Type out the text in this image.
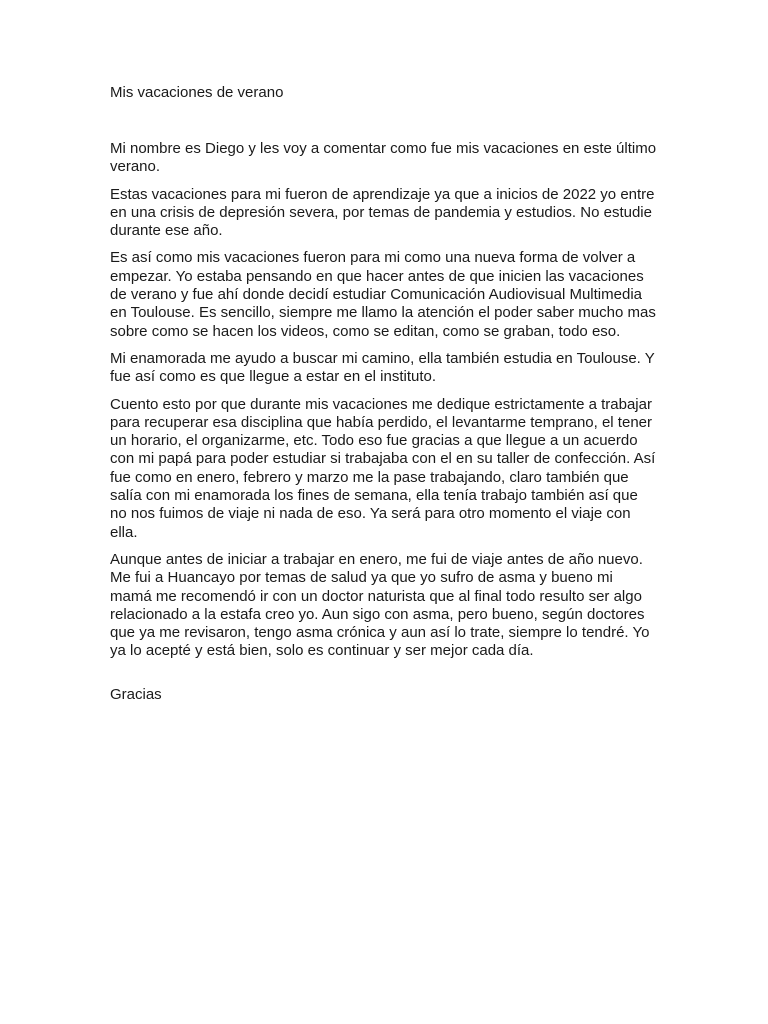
Mis vacaciones de verano

Mi nombre es Diego y les voy a comentar como fue mis vacaciones en este último verano.

Estas vacaciones para mi fueron de aprendizaje ya que a inicios de 2022 yo entre en una crisis de depresión severa, por temas de pandemia y estudios. No estudie durante ese año.

Es así como mis vacaciones fueron para mi como una nueva forma de volver a empezar. Yo estaba pensando en que hacer antes de que inicien las vacaciones de verano y fue ahí donde decidí estudiar Comunicación Audiovisual Multimedia en Toulouse. Es sencillo, siempre me llamo la atención el poder saber mucho mas sobre como se hacen los videos, como se editan, como se graban, todo eso.

Mi enamorada me ayudo a buscar mi camino, ella también estudia en Toulouse. Y fue así como es que llegue a estar en el instituto.

Cuento esto por que durante mis vacaciones me dedique estrictamente a trabajar para recuperar esa disciplina que había perdido, el levantarme temprano, el tener un horario, el organizarme, etc. Todo eso fue gracias a que llegue a un acuerdo con mi papá para poder estudiar si trabajaba con el en su taller de confección. Así fue como en enero, febrero y marzo me la pase trabajando, claro también que salía con mi enamorada los fines de semana, ella tenía trabajo también así que no nos fuimos de viaje ni nada de eso. Ya será para otro momento el viaje con ella.

Aunque antes de iniciar a trabajar en enero, me fui de viaje antes de año nuevo. Me fui a Huancayo por temas de salud ya que yo sufro de asma y bueno mi mamá me recomendó ir con un doctor naturista que al final todo resulto ser algo relacionado a la estafa creo yo. Aun sigo con asma, pero bueno, según doctores que ya me revisaron, tengo asma crónica y aun así lo trate, siempre lo tendré. Yo ya lo acepté y está bien, solo es continuar y ser mejor cada día.

Gracias
